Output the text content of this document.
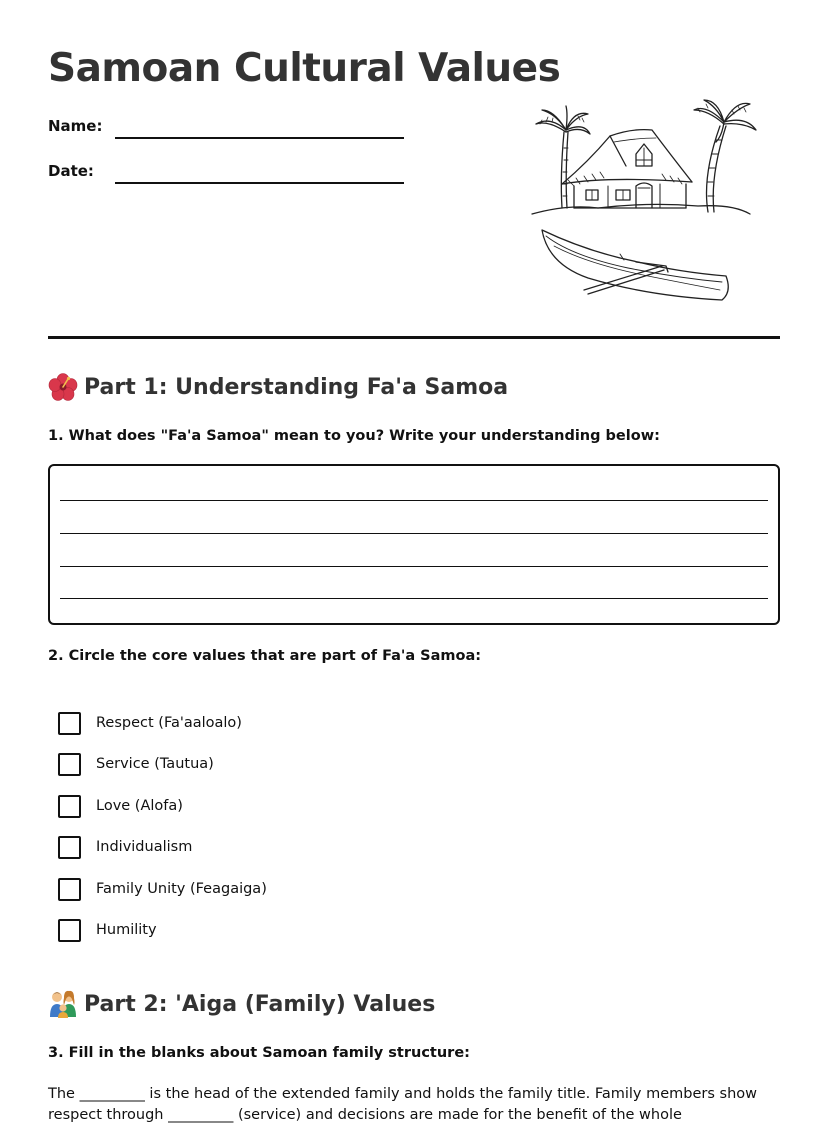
Samoan Cultural Values
Name:
Date:
Part 1: Understanding Fa'a Samoa
1. What does "Fa'a Samoa" mean to you? Write your understanding below:
2. Circle the core values that are part of Fa'a Samoa:
Respect (Fa'aaloalo)
Service (Tautua)
Love (Alofa)
Individualism
Family Unity (Feagaiga)
Humility
Part 2: 'Aiga (Family) Values
3. Fill in the blanks about Samoan family structure:
The _________ is the head of the extended family and holds the family title. Family members show respect through _________ (service) and decisions are made for the benefit of the whole
